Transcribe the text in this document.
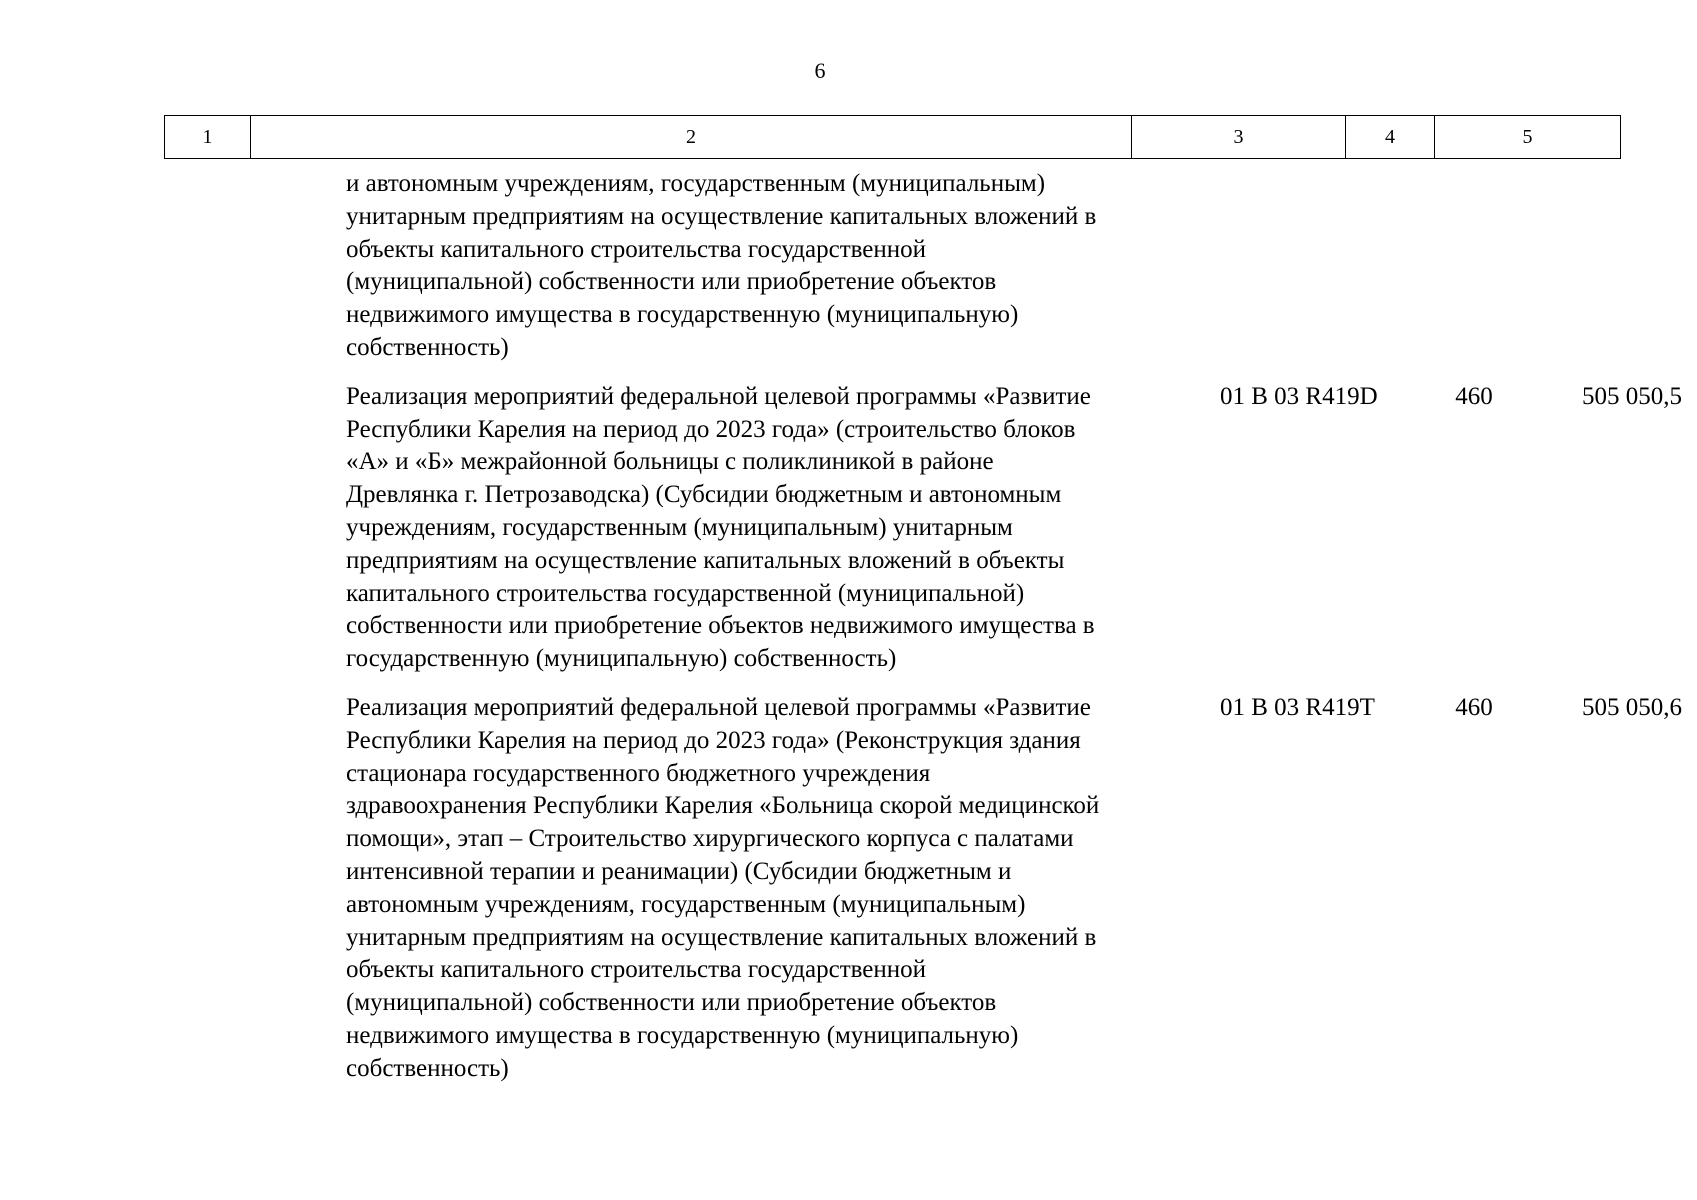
6
1	2	3	4	5
и автономным учреждениям, государственным (муниципальным)
унитарным предприятиям на осуществление капитальных вложений в
объекты капитального строительства государственной
(муниципальной) собственности или приобретение объектов
недвижимого имущества в государственную (муниципальную)
собственность)
Реализация мероприятий федеральной целевой программы «Развитие
Республики Карелия на период до 2023 года» (строительство блоков
«А» и «Б» межрайонной больницы с поликлиникой в районе
Древлянка г. Петрозаводска) (Субсидии бюджетным и автономным
учреждениям, государственным (муниципальным) унитарным
предприятиям на осуществление капитальных вложений в объекты
капитального строительства государственной (муниципальной)
собственности или приобретение объектов недвижимого имущества в
государственную (муниципальную) собственность)
01 В 03 R419D	460	505 050,5
Реализация мероприятий федеральной целевой программы «Развитие
Республики Карелия на период до 2023 года» (Реконструкция здания
стационара государственного бюджетного учреждения
здравоохранения Республики Карелия «Больница скорой медицинской
помощи», этап – Строительство хирургического корпуса с палатами
интенсивной терапии и реанимации) (Субсидии бюджетным и
автономным учреждениям, государственным (муниципальным)
унитарным предприятиям на осуществление капитальных вложений в
объекты капитального строительства государственной
(муниципальной) собственности или приобретение объектов
недвижимого имущества в государственную (муниципальную)
собственность)
01 В 03 R419T	460	505 050,6
